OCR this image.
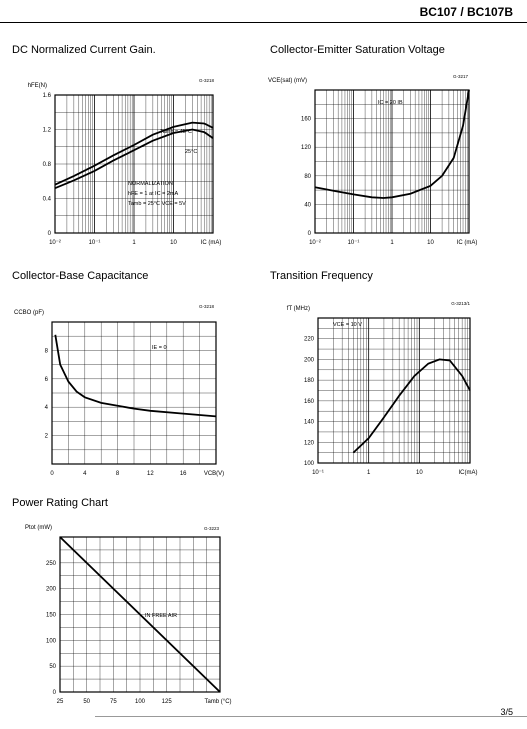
BC107 / BC107B
DC Normalized Current Gain.	Collector-Emitter Saturation Voltage
Collector-Base Capacitance	Transition Frequency
Power Rating Chart
10⁻²	10⁻¹	1	10	IC (mA)
0
0.4
0.8
1.2
1.6
hFE(N)
G-3218
Tamb = 45°C
25°C
NORMALIZATION
hFE = 1 at IC = 2mA
Tamb = 25°C VCE = 5V
10⁻²	10⁻¹	1	10	IC (mA)
0
40
80
120
160
VCE(sat) (mV)
G-3217
IC = 20 IB
0	4	8	12	16	VCB(V)
2
4
6
8
CCBO (pF)
G-3218
IE = 0
10⁻¹	1	10	IC(mA)
100
120
140
160
180
200
220
fT (MHz)
G-3213/1
VCE = 10 V
25	50	75	100	125	Tamb (°C)
0
50
100
150
200
250
Ptot (mW)	G-3223
IN FREE AIR
3/5
